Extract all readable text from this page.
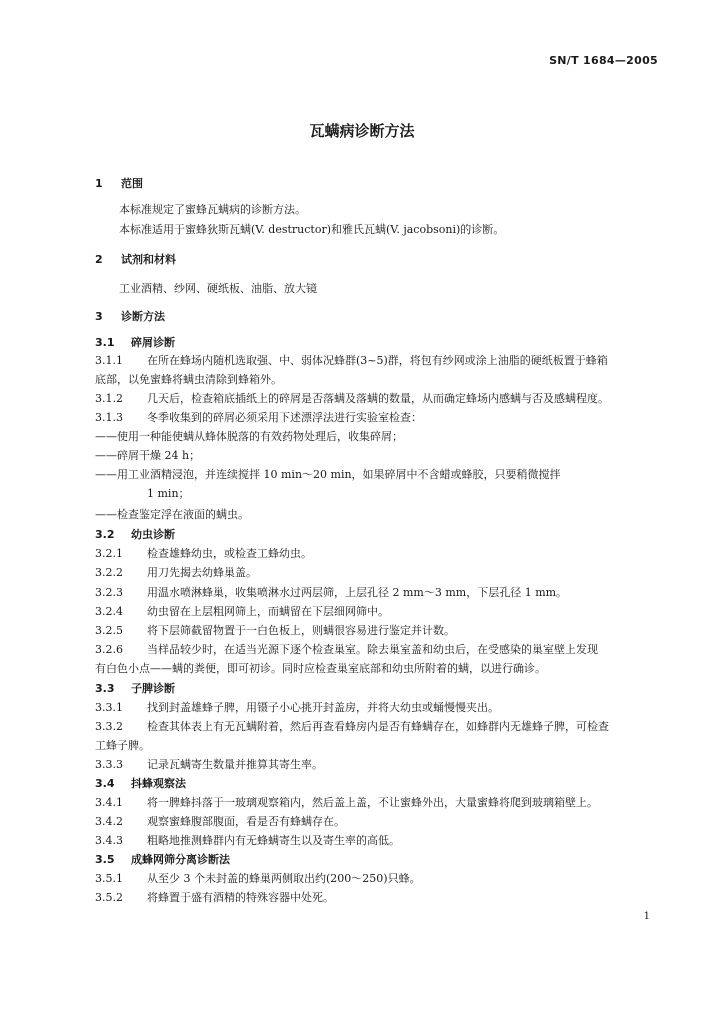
SN/T 1684—2005
瓦螨病诊断方法
1 范围
本标准规定了蜜蜂瓦螨病的诊断方法。
本标准适用于蜜蜂狄斯瓦螨(V. destructor)和雅氏瓦螨(V. jacobsoni)的诊断。
2 试剂和材料
工业酒精、纱网、硬纸板、油脂、放大镜
3 诊断方法
3.1 碎屑诊断
3.1.1 在所在蜂场内随机选取强、中、弱体况蜂群(3~5)群，将包有纱网或涂上油脂的硬纸板置于蜂箱
底部，以免蜜蜂将螨虫清除到蜂箱外。
3.1.2 几天后，检查箱底插纸上的碎屑是否落螨及落螨的数量，从而确定蜂场内感螨与否及感螨程度。
3.1.3 冬季收集到的碎屑必须采用下述漂浮法进行实验室检查：
——使用一种能使螨从蜂体脱落的有效药物处理后，收集碎屑；
——碎屑干燥 24 h；
——用工业酒精浸泡，并连续搅拌 10 min～20 min，如果碎屑中不含蜡或蜂胶，只要稍微搅拌
1 min；
——检查鉴定浮在液面的螨虫。
3.2 幼虫诊断
3.2.1 检查雄蜂幼虫，或检查工蜂幼虫。
3.2.2 用刀先揭去幼蜂巢盖。
3.2.3 用温水喷淋蜂巢，收集喷淋水过两层筛，上层孔径 2 mm～3 mm，下层孔径 1 mm。
3.2.4 幼虫留在上层粗网筛上，而螨留在下层细网筛中。
3.2.5 将下层筛截留物置于一白色板上，则螨很容易进行鉴定并计数。
3.2.6 当样品较少时，在适当光源下逐个检查巢室。除去巢室盖和幼虫后，在受感染的巢室壁上发现
有白色小点——螨的粪便，即可初诊。同时应检查巢室底部和幼虫所附着的螨，以进行确诊。
3.3 子脾诊断
3.3.1 找到封盖雄蜂子脾，用镊子小心挑开封盖房，并将大幼虫或蛹慢慢夹出。
3.3.2 检查其体表上有无瓦螨附着，然后再查看蜂房内是否有蜂螨存在，如蜂群内无雄蜂子脾，可检查
工蜂子脾。
3.3.3 记录瓦螨寄生数量并推算其寄生率。
3.4 抖蜂观察法
3.4.1 将一脾蜂抖落于一玻璃观察箱内，然后盖上盖，不让蜜蜂外出，大量蜜蜂将爬到玻璃箱壁上。
3.4.2 观察蜜蜂腹部腹面，看是否有蜂螨存在。
3.4.3 粗略地推测蜂群内有无蜂螨寄生以及寄生率的高低。
3.5 成蜂网筛分离诊断法
3.5.1 从至少 3 个未封盖的蜂巢两侧取出约(200～250)只蜂。
3.5.2 将蜂置于盛有酒精的特殊容器中处死。
1
